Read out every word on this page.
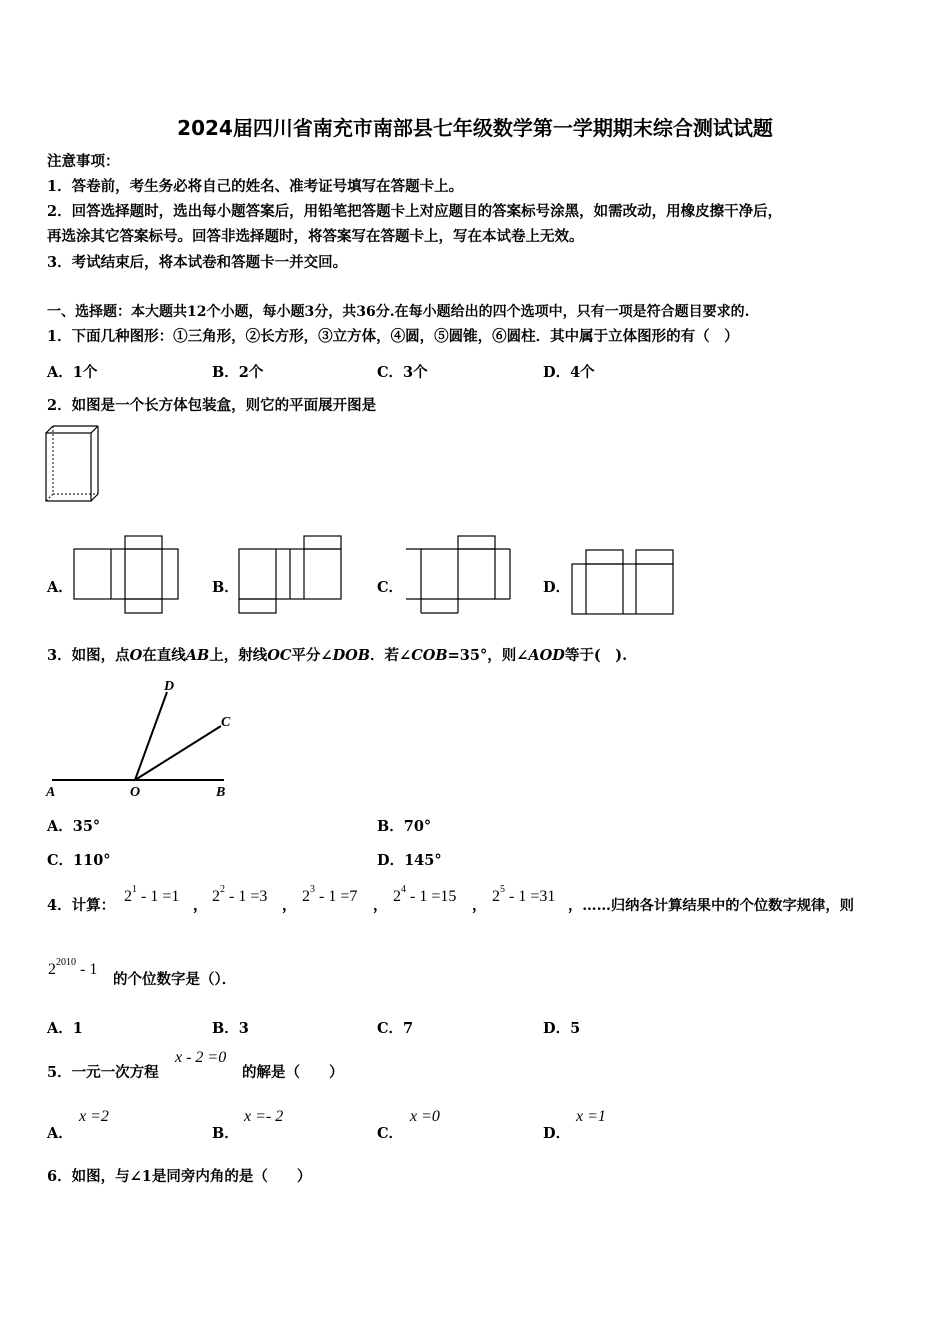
2024届四川省南充市南部县七年级数学第一学期期末综合测试试题
注意事项：
1．答卷前，考生务必将自己的姓名、准考证号填写在答题卡上。
2．回答选择题时，选出每小题答案后，用铅笔把答题卡上对应题目的答案标号涂黑，如需改动，用橡皮擦干净后，
再选涂其它答案标号。回答非选择题时，将答案写在答题卡上，写在本试卷上无效。
3．考试结束后，将本试卷和答题卡一并交回。
一、选择题：本大题共12个小题，每小题3分，共36分.在每小题给出的四个选项中，只有一项是符合题目要求的.
1．下面几种图形：①三角形，②长方形，③立方体，④圆，⑤圆锥，⑥圆柱．其中属于立体图形的有（　）
A．1个	B．2个	C．3个	D．4个
2．如图是一个长方体包装盒，则它的平面展开图是
A．	B．	C．	D．
3．如图，点O在直线AB上，射线OC平分∠DOB．若∠COB=35°，则∠AOD等于(　).
D
C
A	O	B
A．35°	B．70°
C．110°	D．145°
4．计算：
$2^1 - 1 =1$
，
$2^2 - 1 =3$
，
$2^3 - 1 =7$
，
$2^4 - 1 =15$
，
$2^5 - 1 =31$
，……归纳各计算结果中的个位数字规律，则
$2^{2010} - 1$
的个位数字是（）．
A．1	B．3	C．7	D．5
5．一元一次方程
x - 2 =0
的解是（　　）
A．
x =2
B．
x =- 2
C．
x =0
D．
x =1
6．如图，与∠1是同旁内角的是（　　）
